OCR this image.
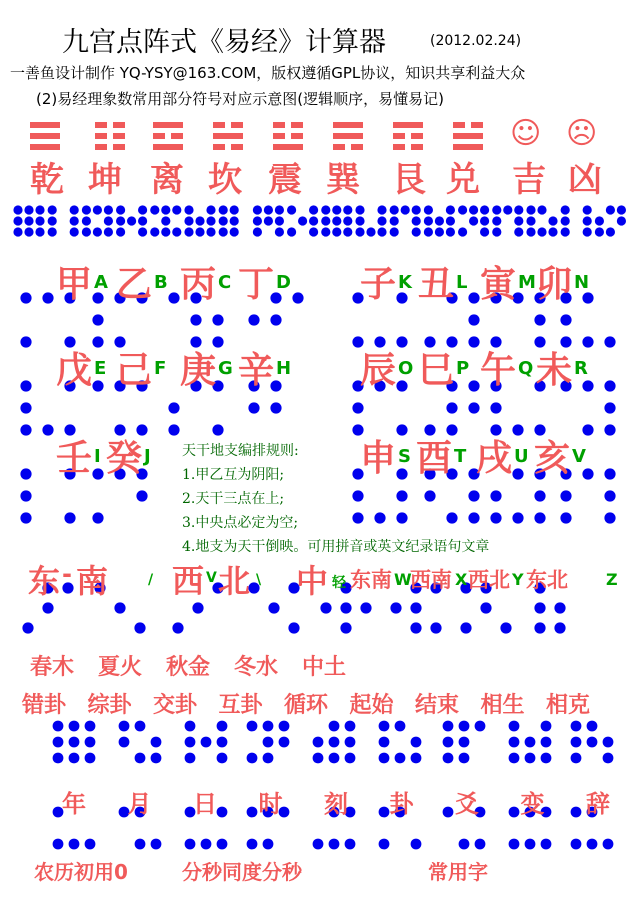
九宫点阵式《易经》计算器	(2012.02.24)
一善鱼设计制作 YQ-YSY@163.COM，版权遵循GPL协议，知识共享利益大众
(2)易经理象数常用部分符号对应示意图(逻辑顺序，易懂易记)
☺ ☹
乾 坤 离 坎 震 巽 艮 兑 吉 凶
甲 A 乙 B 丙 C 丁 D 子 K 丑 L 寅 M 卯 N
戊 E 己 F 庚 G 辛 H 辰 O 巳 P 午 Q 未 R
壬 I 癸 J	申 S 酉 T 戌 U 亥 V
天干地支编排规则:
1.甲乙互为阴阳;
2.天干三点在上;
3.中央点必定为空;
4.地支为天干倒映。可用拼音或英文纪录语句文章
东 - 南	/ 西 V 北 \ 中 轻 东南 W
西南 X 西北 Y 东北 Z
春木 夏火 秋金 冬水 中土
错卦 综卦 交卦 互卦 循环 起始 结束 相生 相克
年 月 日 时 刻 卦 爻 变 辞
农历初用0	分秒同度分秒	常用字
